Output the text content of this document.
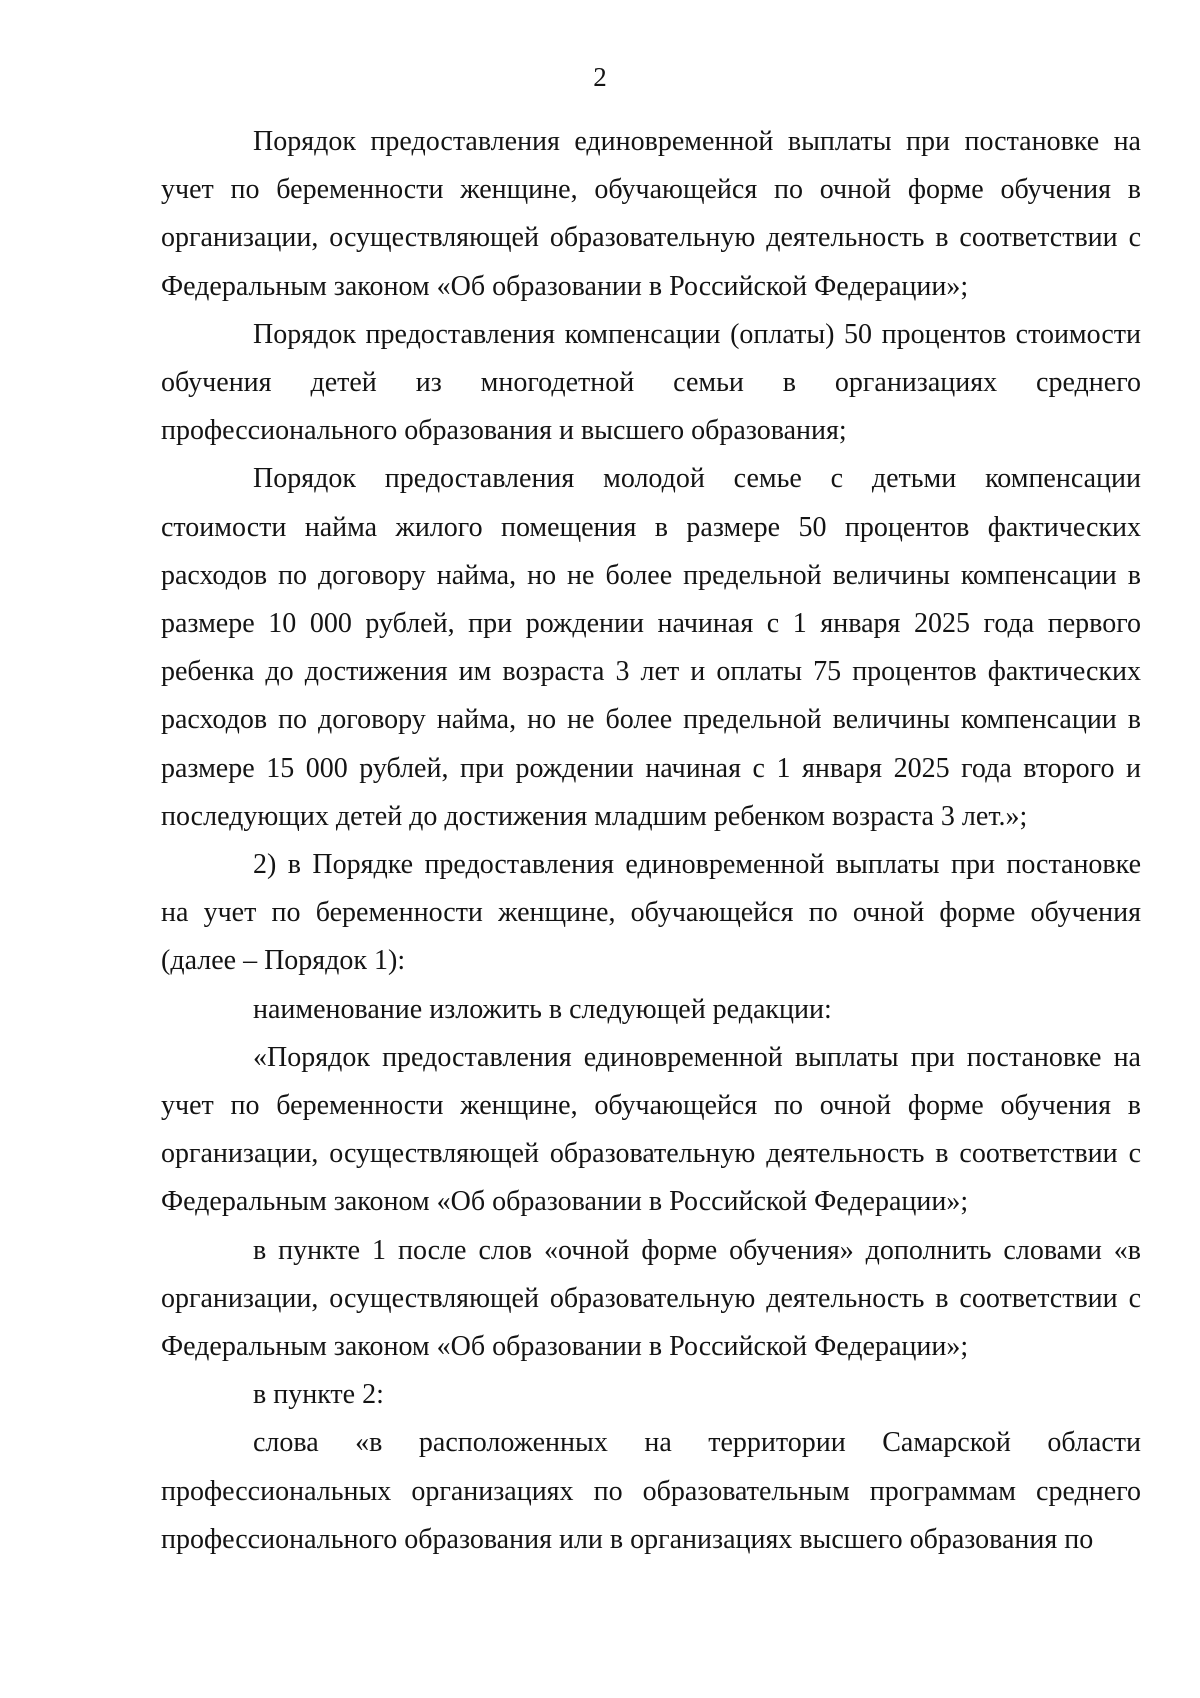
2

Порядок предоставления единовременной выплаты при постановке на учет по беременности женщине, обучающейся по очной форме обучения в организации, осуществляющей образовательную деятельность в соответствии с Федеральным законом «Об образовании в Российской Федерации»;

Порядок предоставления компенсации (оплаты) 50 процентов стоимости обучения детей из многодетной семьи в организациях среднего профессионального образования и высшего образования;

Порядок предоставления молодой семье с детьми компенсации стоимости найма жилого помещения в размере 50 процентов фактических расходов по договору найма, но не более предельной величины компенсации в размере 10 000 рублей, при рождении начиная с 1 января 2025 года первого ребенка до достижения им возраста 3 лет и оплаты 75 процентов фактических расходов по договору найма, но не более предельной величины компенсации в размере 15 000 рублей, при рождении начиная с 1 января 2025 года второго и последующих детей до достижения младшим ребенком возраста 3 лет.»;

2) в Порядке предоставления единовременной выплаты при постановке на учет по беременности женщине, обучающейся по очной форме обучения (далее – Порядок 1):

наименование изложить в следующей редакции:

«Порядок предоставления единовременной выплаты при постановке на учет по беременности женщине, обучающейся по очной форме обучения в организации, осуществляющей образовательную деятельность в соответствии с Федеральным законом «Об образовании в Российской Федерации»;

в пункте 1 после слов «очной форме обучения» дополнить словами «в организации, осуществляющей образовательную деятельность в соответствии с Федеральным законом «Об образовании в Российской Федерации»;

в пункте 2:

слова «в расположенных на территории Самарской области профессиональных организациях по образовательным программам среднего профессионального образования или в организациях высшего образования по
